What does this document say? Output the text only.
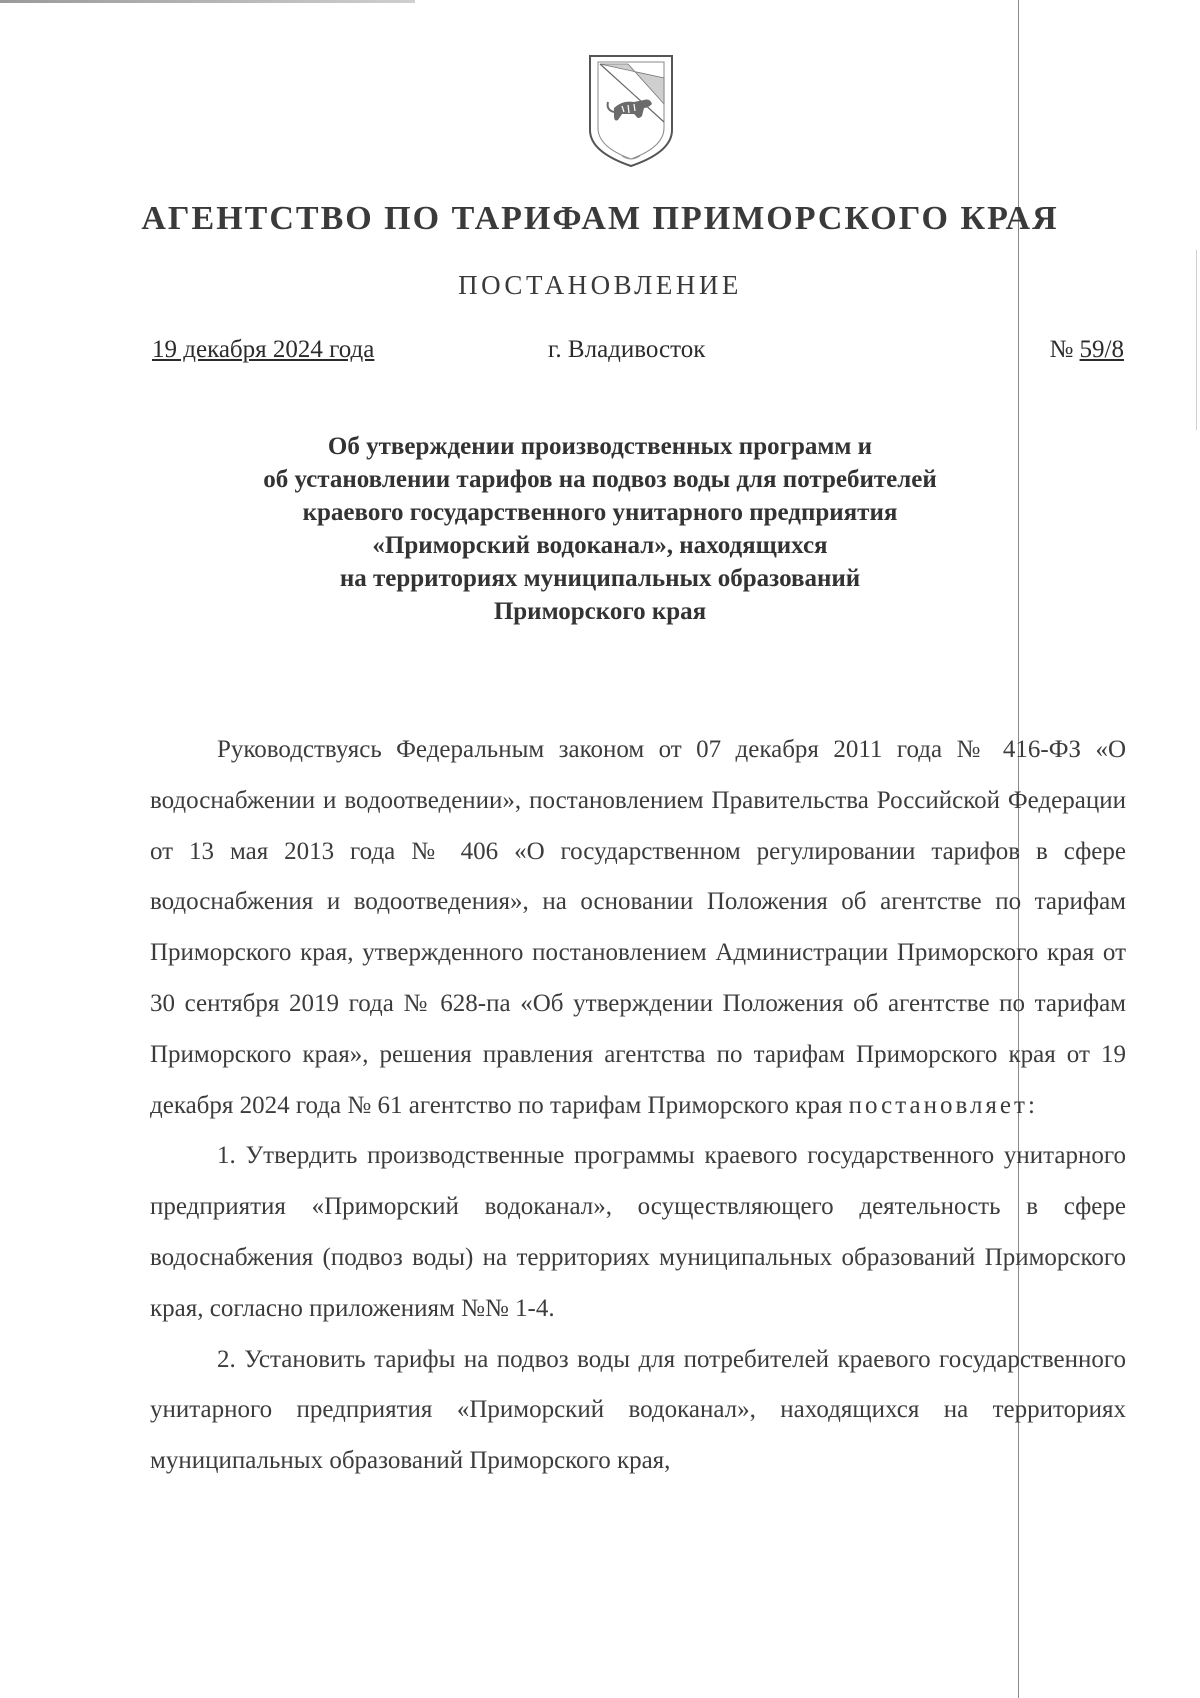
АГЕНТСТВО ПО ТАРИФАМ ПРИМОРСКОГО КРАЯ
ПОСТАНОВЛЕНИЕ
19 декабря 2024 года	г. Владивосток	№ 59/8
Об утверждении производственных программ и
об установлении тарифов на подвоз воды для потребителей
краевого государственного унитарного предприятия
«Приморский водоканал», находящихся
на территориях муниципальных образований
Приморского края

Руководствуясь Федеральным законом от 07 декабря 2011 года № 416-ФЗ «О водоснабжении и водоотведении», постановлением Правительства Российской Федерации от 13 мая 2013 года № 406 «О государственном регулировании тарифов в сфере водоснабжения и водоотведения», на основании Положения об агентстве по тарифам Приморского края, утвержденного постановлением Администрации Приморского края от 30 сентября 2019 года № 628-па «Об утверждении Положения об агентстве по тарифам Приморского края», решения правления агентства по тарифам Приморского края от 19 декабря 2024 года № 61 агентство по тарифам Приморского края постановляет:

1. Утвердить производственные программы краевого государственного унитарного предприятия «Приморский водоканал», осуществляющего деятельность в сфере водоснабжения (подвоз воды) на территориях муниципальных образований Приморского края, согласно приложениям №№ 1-4.

2. Установить тарифы на подвоз воды для потребителей краевого государственного унитарного предприятия «Приморский водоканал», находящихся на территориях муниципальных образований Приморского края,
